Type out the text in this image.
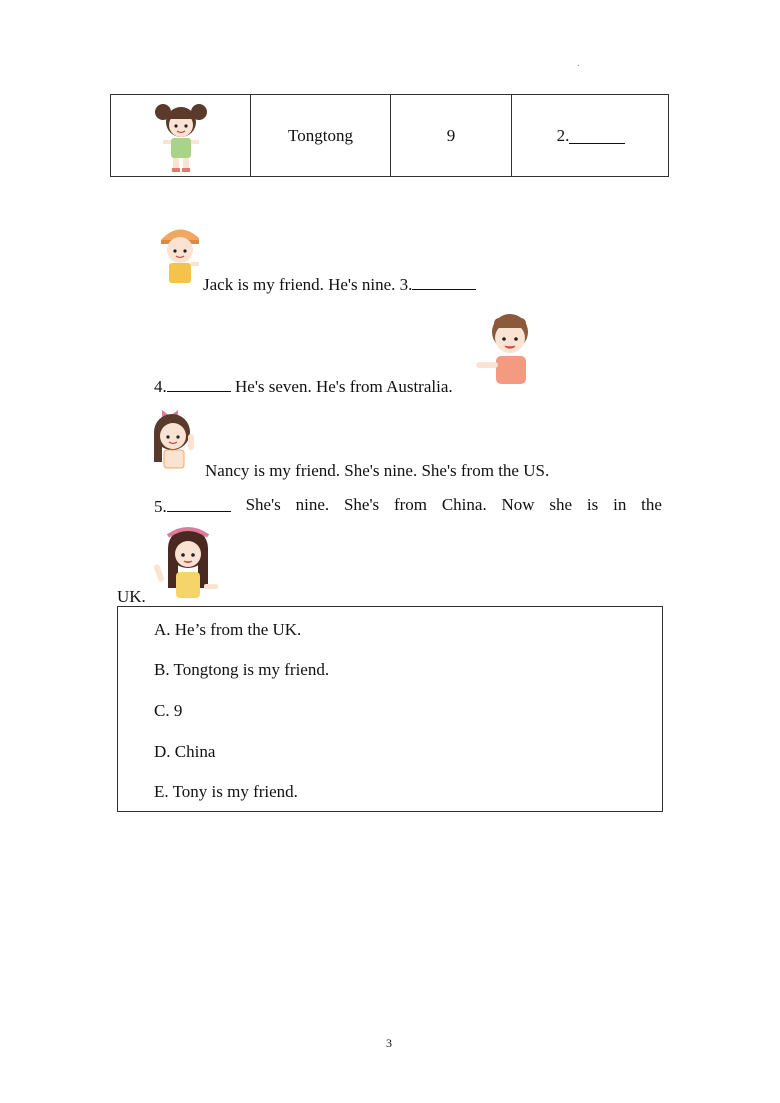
.
Tongtong	9	2.
Jack is my friend. He's nine. 3.
4.	He's seven. He's from Australia.
Nancy is my friend. She's nine. She's from the US.
5.	She's nine. She's from China. Now she is in the
UK.
A. He’s from the UK.
B. Tongtong is my friend.
C. 9
D. China
E. Tony is my friend.
3
